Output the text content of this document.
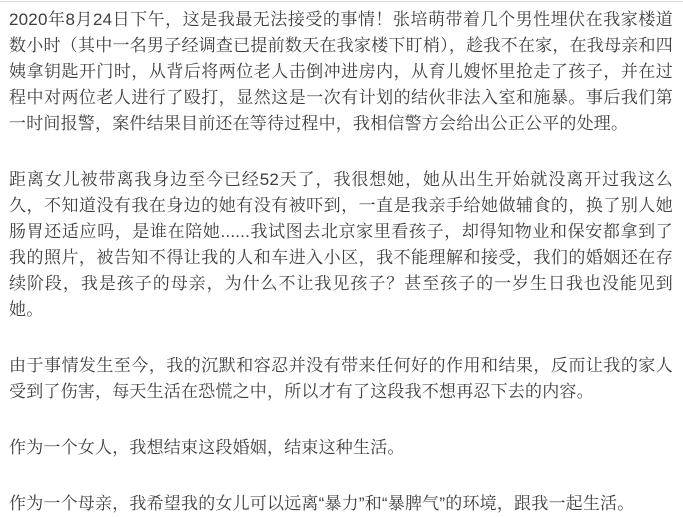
2020年8月24日下午，这是我最无法接受的事情！张培萌带着几个男性埋伏在我家楼道数小时（其中一名男子经调查已提前数天在我家楼下盯梢），趁我不在家，在我母亲和四姨拿钥匙开门时，从背后将两位老人击倒冲进房内，从育儿嫂怀里抢走了孩子，并在过程中对两位老人进行了殴打，显然这是一次有计划的结伙非法入室和施暴。事后我们第一时间报警，案件结果目前还在等待过程中，我相信警方会给出公正公平的处理。

距离女儿被带离我身边至今已经52天了，我很想她，她从出生开始就没离开过我这么久，不知道没有我在身边的她有没有被吓到，一直是我亲手给她做辅食的，换了别人她肠胃还适应吗，是谁在陪她......我试图去北京家里看孩子，却得知物业和保安都拿到了我的照片，被告知不得让我的人和车进入小区，我不能理解和接受，我们的婚姻还在存续阶段，我是孩子的母亲，为什么不让我见孩子？甚至孩子的一岁生日我也没能见到她。

由于事情发生至今，我的沉默和容忍并没有带来任何好的作用和结果，反而让我的家人受到了伤害，每天生活在恐慌之中，所以才有了这段我不想再忍下去的内容。

作为一个女人，我想结束这段婚姻，结束这种生活。

作为一个母亲，我希望我的女儿可以远离“暴力”和“暴脾气”的环境，跟我一起生活。
